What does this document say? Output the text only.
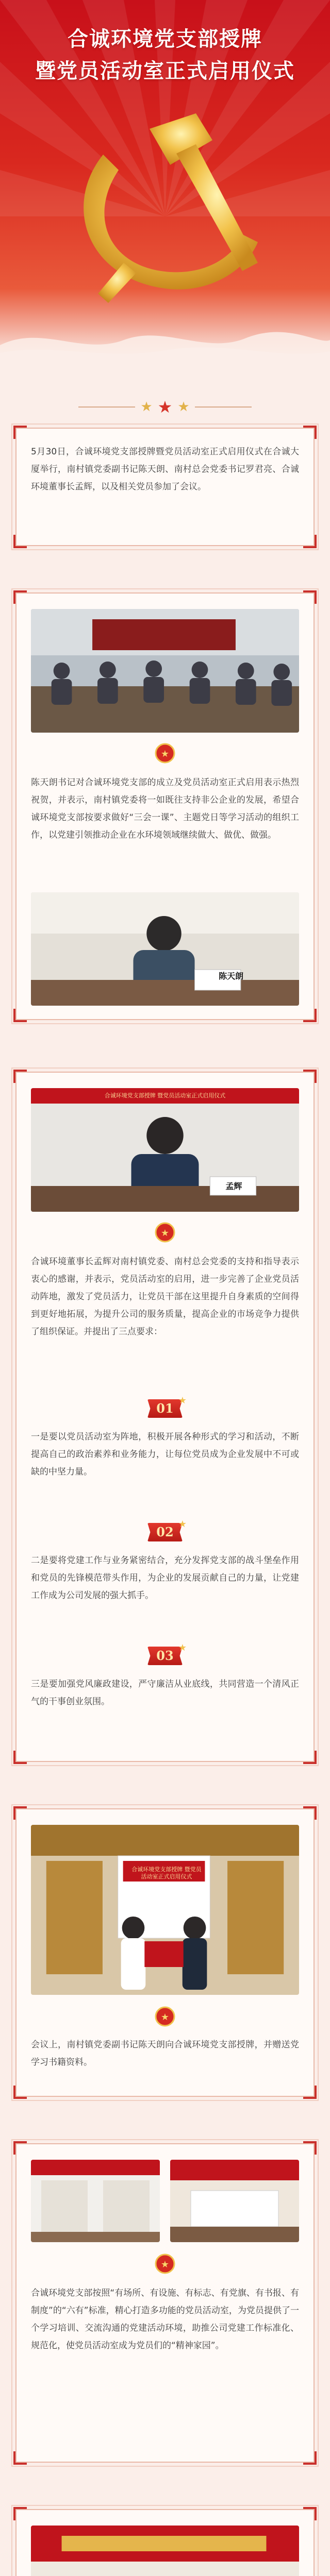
合诚环境党支部授牌
暨党员活动室正式启用仪式
★ ★ ★
5月30日，合诚环境党支部授牌暨党员活动室正式启用仪式在合诚大厦举行，南村镇党委副书记陈天朗、南村总会党委书记罗君亮、合诚环境董事长孟辉，以及相关党员参加了会议。
★
陈天朗书记对合诚环境党支部的成立及党员活动室正式启用表示热烈祝贺，并表示，南村镇党委将一如既往支持非公企业的发展，希望合诚环境党支部按要求做好“三会一课”、主题党日等学习活动的组织工作，以党建引领推动企业在水环境领域继续做大、做优、做强。
陈天朗
合诚环境党支部授牌 暨党员活动室正式启用仪式
孟辉
★
合诚环境董事长孟辉对南村镇党委、南村总会党委的支持和指导表示衷心的感谢，并表示，党员活动室的启用，进一步完善了企业党员活动阵地，激发了党员活力，让党员干部在这里提升自身素质的空间得到更好地拓展，为提升公司的服务质量，提高企业的市场竞争力提供了组织保证。并提出了三点要求：
01
★
一是要以党员活动室为阵地，积极开展各种形式的学习和活动，不断提高自己的政治素养和业务能力，让每位党员成为企业发展中不可或缺的中坚力量。
02
★
二是要将党建工作与业务紧密结合，充分发挥党支部的战斗堡垒作用和党员的先锋模范带头作用，为企业的发展贡献自己的力量，让党建工作成为公司发展的强大抓手。
03
★
三是要加强党风廉政建设，严守廉洁从业底线，共同营造一个清风正气的干事创业氛围。
合诚环境党支部授牌 暨党员活动室正式启用仪式
★
会议上，南村镇党委副书记陈天朗向合诚环境党支部授牌，并赠送党学习书籍资料。
★
合诚环境党支部按照“有场所、有设施、有标志、有党旗、有书报、有制度”的“六有”标准，精心打造多功能的党员活动室，为党员提供了一个学习培训、交流沟通的党建活动环境，助推公司党建工作标准化、规范化，使党员活动室成为党员们的“精神家园”。
